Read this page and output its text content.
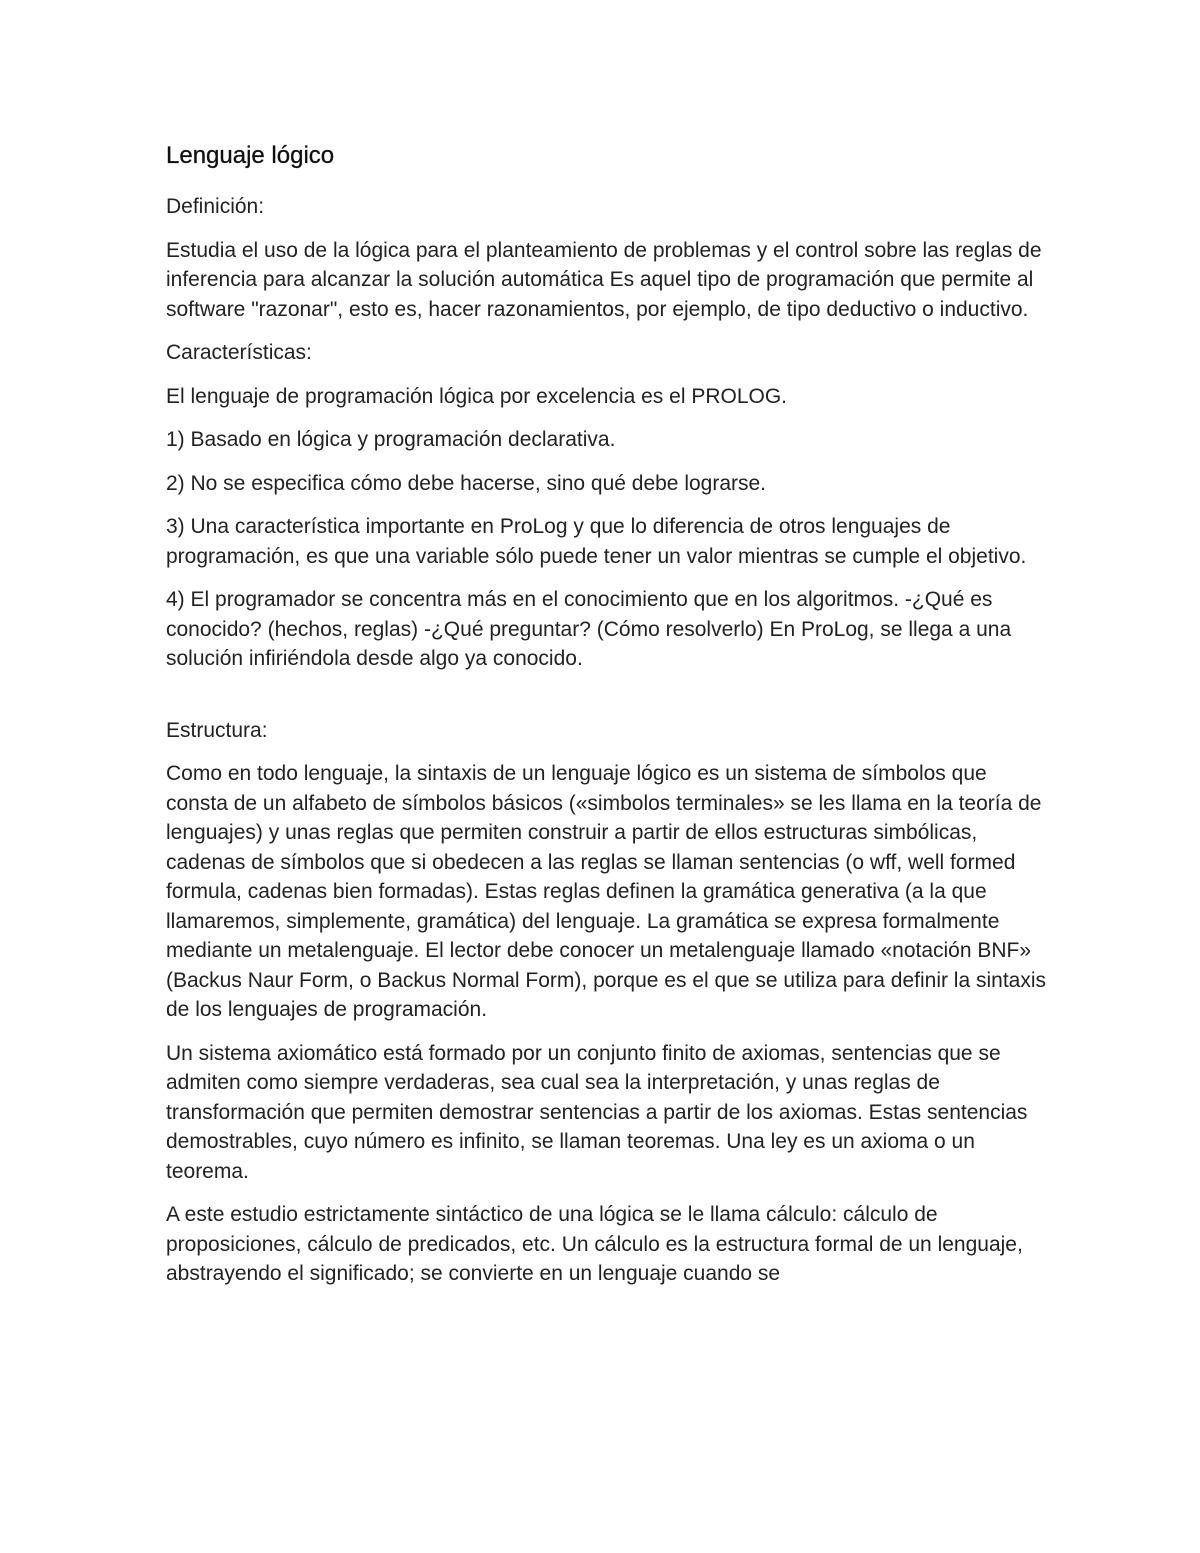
Lenguaje lógico

Definición:

Estudia el uso de la lógica para el planteamiento de problemas y el control sobre las reglas de inferencia para alcanzar la solución automática Es aquel tipo de programación que permite al software "razonar", esto es, hacer razonamientos, por ejemplo, de tipo deductivo o inductivo.

Características:

El lenguaje de programación lógica por excelencia es el PROLOG.

1) Basado en lógica y programación declarativa.

2) No se especifica cómo debe hacerse, sino qué debe lograrse.

3) Una característica importante en ProLog y que lo diferencia de otros lenguajes de programación, es que una variable sólo puede tener un valor mientras se cumple el objetivo.

4) El programador se concentra más en el conocimiento que en los algoritmos. -¿Qué es conocido? (hechos, reglas) -¿Qué preguntar? (Cómo resolverlo) En ProLog, se llega a una solución infiriéndola desde algo ya conocido.

Estructura:

Como en todo lenguaje, la sintaxis de un lenguaje lógico es un sistema de símbolos que consta de un alfabeto de símbolos básicos («simbolos terminales» se les llama en la teoría de lenguajes) y unas reglas que permiten construir a partir de ellos estructuras simbólicas, cadenas de símbolos que si obedecen a las reglas se llaman sentencias (o wff, well formed formula, cadenas bien formadas). Estas reglas definen la gramática generativa (a la que llamaremos, simplemente, gramática) del lenguaje. La gramática se expresa formalmente mediante un metalenguaje. El lector debe conocer un metalenguaje llamado «notación BNF» (Backus Naur Form, o Backus Normal Form), porque es el que se utiliza para definir la sintaxis de los lenguajes de programación.

Un sistema axiomático está formado por un conjunto finito de axiomas, sentencias que se admiten como siempre verdaderas, sea cual sea la interpretación, y unas reglas de transformación que permiten demostrar sentencias a partir de los axiomas. Estas sentencias demostrables, cuyo número es infinito, se llaman teoremas. Una ley es un axioma o un teorema.

A este estudio estrictamente sintáctico de una lógica se le llama cálculo: cálculo de proposiciones, cálculo de predicados, etc. Un cálculo es la estructura formal de un lenguaje, abstrayendo el significado; se convierte en un lenguaje cuando se
